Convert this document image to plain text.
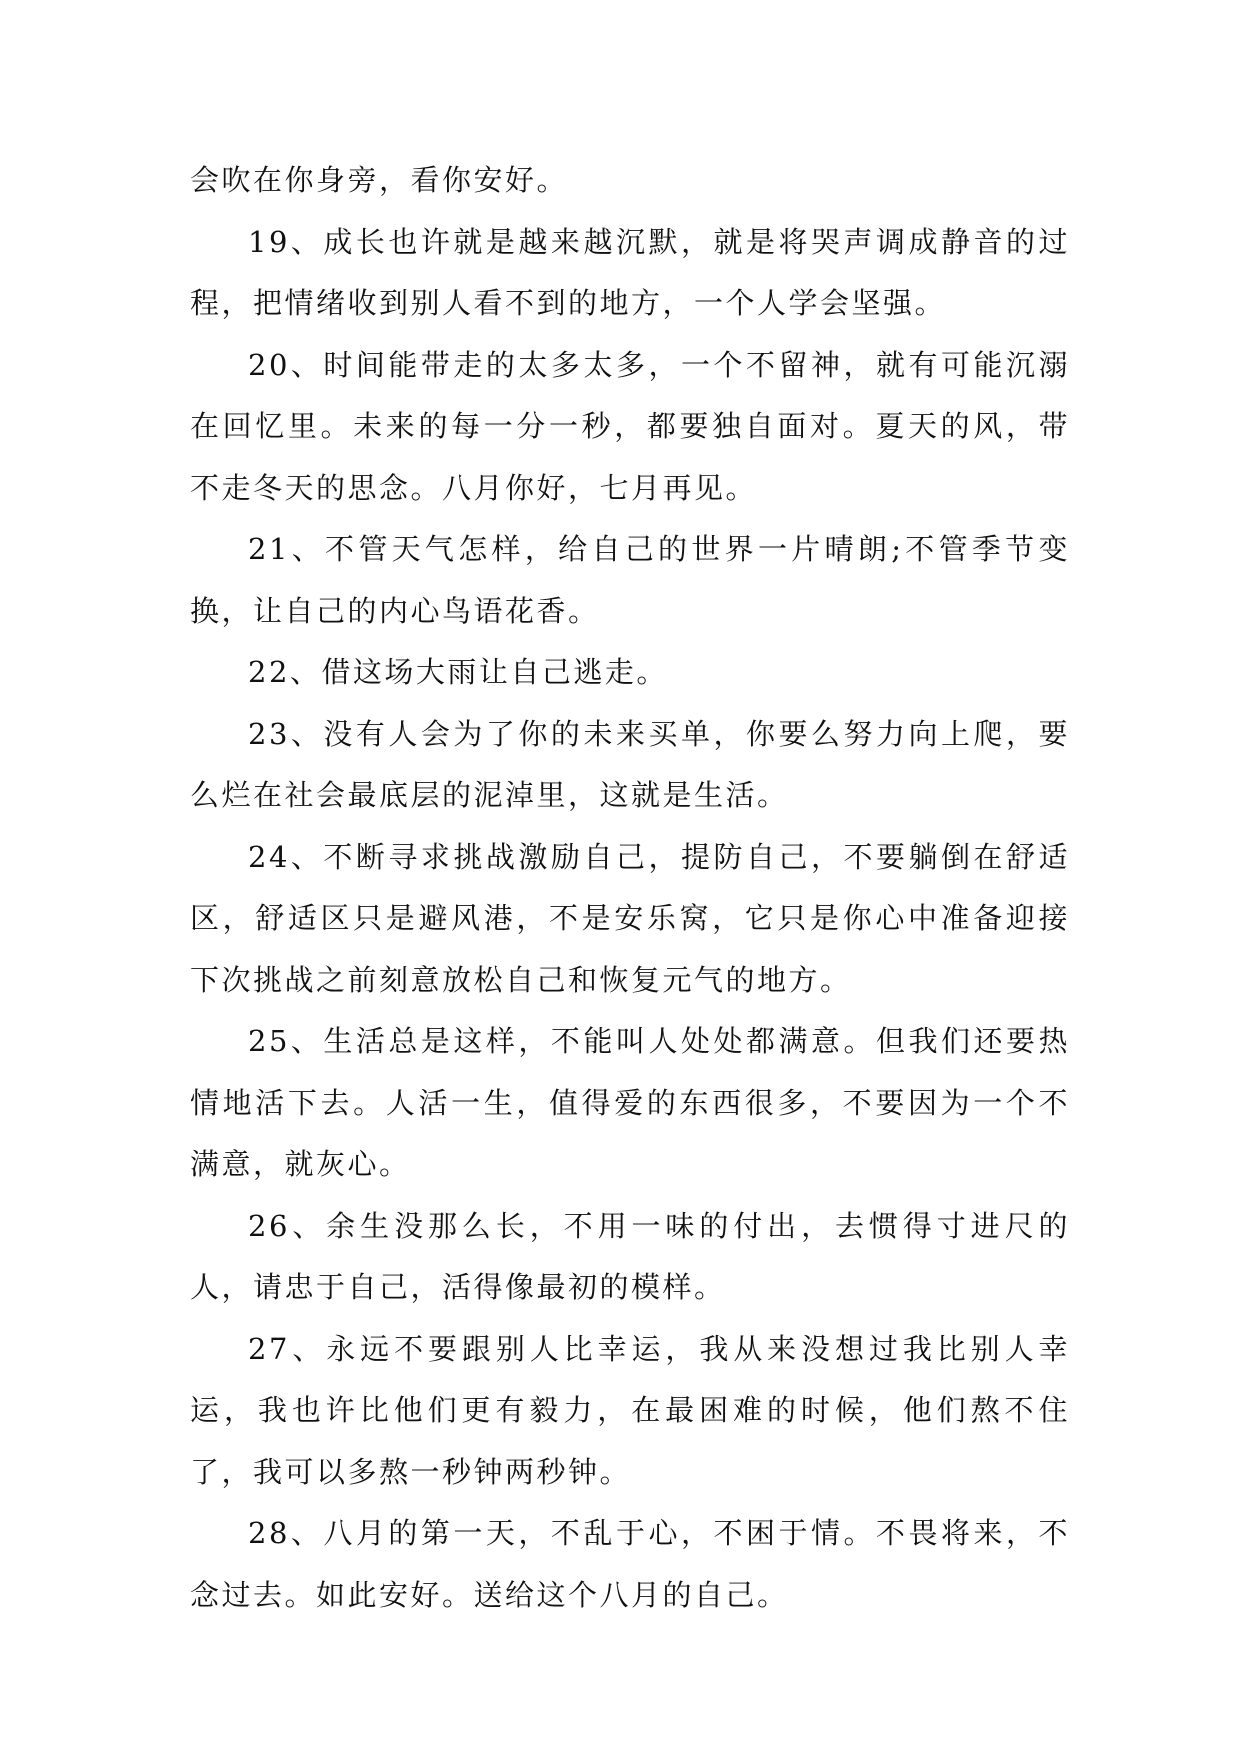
会吹在你身旁，看你安好。

19、成长也许就是越来越沉默，就是将哭声调成静音的过程，把情绪收到别人看不到的地方，一个人学会坚强。

20、时间能带走的太多太多，一个不留神，就有可能沉溺在回忆里。未来的每一分一秒，都要独自面对。夏天的风，带不走冬天的思念。八月你好，七月再见。

21、不管天气怎样，给自己的世界一片晴朗;不管季节变换，让自己的内心鸟语花香。

22、借这场大雨让自己逃走。

23、没有人会为了你的未来买单，你要么努力向上爬，要么烂在社会最底层的泥淖里，这就是生活。

24、不断寻求挑战激励自己，提防自己，不要躺倒在舒适区，舒适区只是避风港，不是安乐窝，它只是你心中准备迎接下次挑战之前刻意放松自己和恢复元气的地方。

25、生活总是这样，不能叫人处处都满意。但我们还要热情地活下去。人活一生，值得爱的东西很多，不要因为一个不满意，就灰心。

26、余生没那么长，不用一味的付出，去惯得寸进尺的人，请忠于自己，活得像最初的模样。

27、永远不要跟别人比幸运，我从来没想过我比别人幸运，我也许比他们更有毅力，在最困难的时候，他们熬不住了，我可以多熬一秒钟两秒钟。

28、八月的第一天，不乱于心，不困于情。不畏将来，不念过去。如此安好。送给这个八月的自己。
